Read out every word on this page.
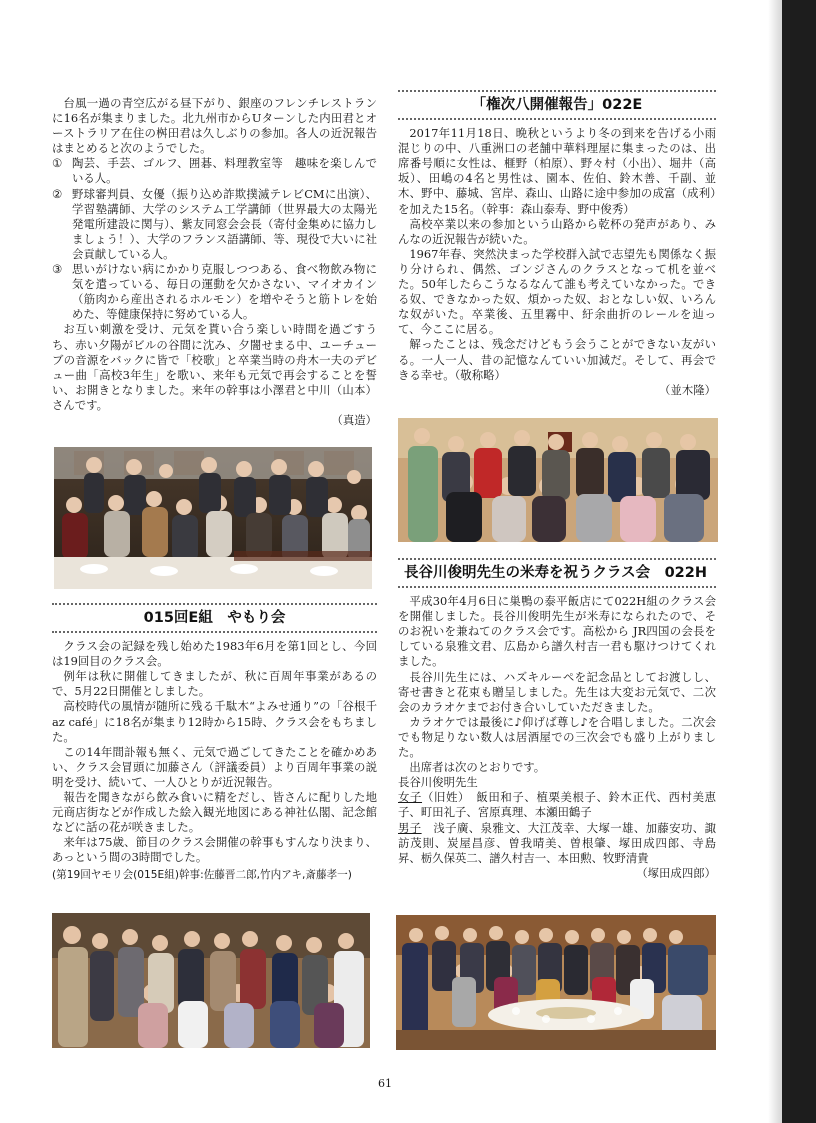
台風一過の青空広がる昼下がり、銀座のフレンチレストランに16名が集まりました。北九州市からUターンした内田君とオーストラリア在住の桝田君は久しぶりの参加。各人の近況報告はまとめると次のようでした。

① 陶芸、手芸、ゴルフ、囲碁、料理教室等　趣味を楽しんでいる人。
② 野球審判員、女優（振り込め詐欺撲滅テレビCMに出演）、学習塾講師、大学のシステム工学講師（世界最大の太陽光発電所建設に関与）、紫友同窓会会長（寄付金集めに協力しましょう！）、大学のフランス語講師、等、現役で大いに社会貢献している人。
③ 思いがけない病にかかり克服しつつある、食べ物飲み物に気を遣っている、毎日の運動を欠かさない、マイオカイン（筋肉から産出されるホルモン）を増やそうと筋トレを始めた、等健康保持に努めている人。

お互い刺激を受け、元気を貰い合う楽しい時間を過ごすうち、赤い夕陽がビルの谷間に沈み、夕闇せまる中、ユーチューブの音源をバックに皆で「校歌」と卒業当時の舟木一夫のデビュー曲「高校3年生」を歌い、来年も元気で再会することを誓い、お開きとなりました。来年の幹事は小澤君と中川（山本）さんです。

（真造）

015回E組　やもり会

クラス会の記録を残し始めた1983年6月を第1回とし、今回は19回目のクラス会。

例年は秋に開催してきましたが、秋に百周年事業があるので、5月22日開催としました。

高校時代の風情が随所に残る千駄木“よみせ通り”の「谷根千 az café」に18名が集まり12時から15時、クラス会をもちました。

この14年間訃報も無く、元気で過ごしてきたことを確かめあい、クラス会冒頭に加藤さん（評議委員）より百周年事業の説明を受け、続いて、一人ひとりが近況報告。

報告を聞きながら飲み食いに精をだし、皆さんに配りした地元商店街などが作成した絵入観光地図にある神社仏閣、記念館などに話の花が咲きました。

来年は75歳、節目のクラス会開催の幹事もすんなり決まり、あっという間の3時間でした。

(第19回ヤモリ会(015E組)幹事:佐藤晋二郎,竹内アキ,斎藤孝一)
「権次八開催報告」022E

2017年11月18日、晩秋というより冬の到来を告げる小雨混じりの中、八重洲口の老舗中華料理屋に集まったのは、出席番号順に女性は、榧野（柏原）、野々村（小出）、堀井（高坂）、田嶋の4名と男性は、園本、佐伯、鈴木善、千副、並木、野中、藤城、宮岸、森山、山路に途中参加の成富（成利）を加えた15名。（幹事：森山泰寿、野中俊秀）

高校卒業以来の参加という山路から乾杯の発声があり、みんなの近況報告が続いた。

1967年春、突然決まった学校群入試で志望先も関係なく振り分けられ、偶然、ゴンジさんのクラスとなって机を並べた。50年したらこうなるなんて誰も考えていなかった。できる奴、できなかった奴、煩かった奴、おとなしい奴、いろんな奴がいた。卒業後、五里霧中、紆余曲折のレールを辿って、今ここに居る。

解ったことは、残念だけどもう会うことができない友がいる。一人一人、昔の記憶なんていい加減だ。そして、再会できる幸せ。（敬称略）

（並木隆）

長谷川俊明先生の米寿を祝うクラス会　022H

平成30年4月6日に巣鴨の泰平飯店にて022H組のクラス会を開催しました。長谷川俊明先生が米寿になられたので、そのお祝いを兼ねてのクラス会です。高松から JR四国の会長をしている泉雅文君、広島から譜久村吉一君も駆けつけてくれました。

長谷川先生には、ハズキルーペを記念品としてお渡しし、寄せ書きと花束も贈呈しました。先生は大変お元気で、二次会のカラオケまでお付き合いしていただきました。

カラオケでは最後に♪仰げば尊し♪を合唱しました。二次会でも物足りない数人は居酒屋での三次会でも盛り上がりました。

出席者は次のとおりです。

長谷川俊明先生

女子（旧姓）　 飯田和子、植栗美根子、鈴木正代、西村美恵子、町田礼子、宮原真理、本瀬田鶴子

男子　 浅子廣、泉雅文、大江茂幸、大塚一雄、加藤安功、諏訪茂則、炭屋昌彦、曽我晴美、曽根肇、塚田成四郎、寺島昇、栃久保英二、譜久村吉一、本田勲、牧野清貴

（塚田成四郎）

61
